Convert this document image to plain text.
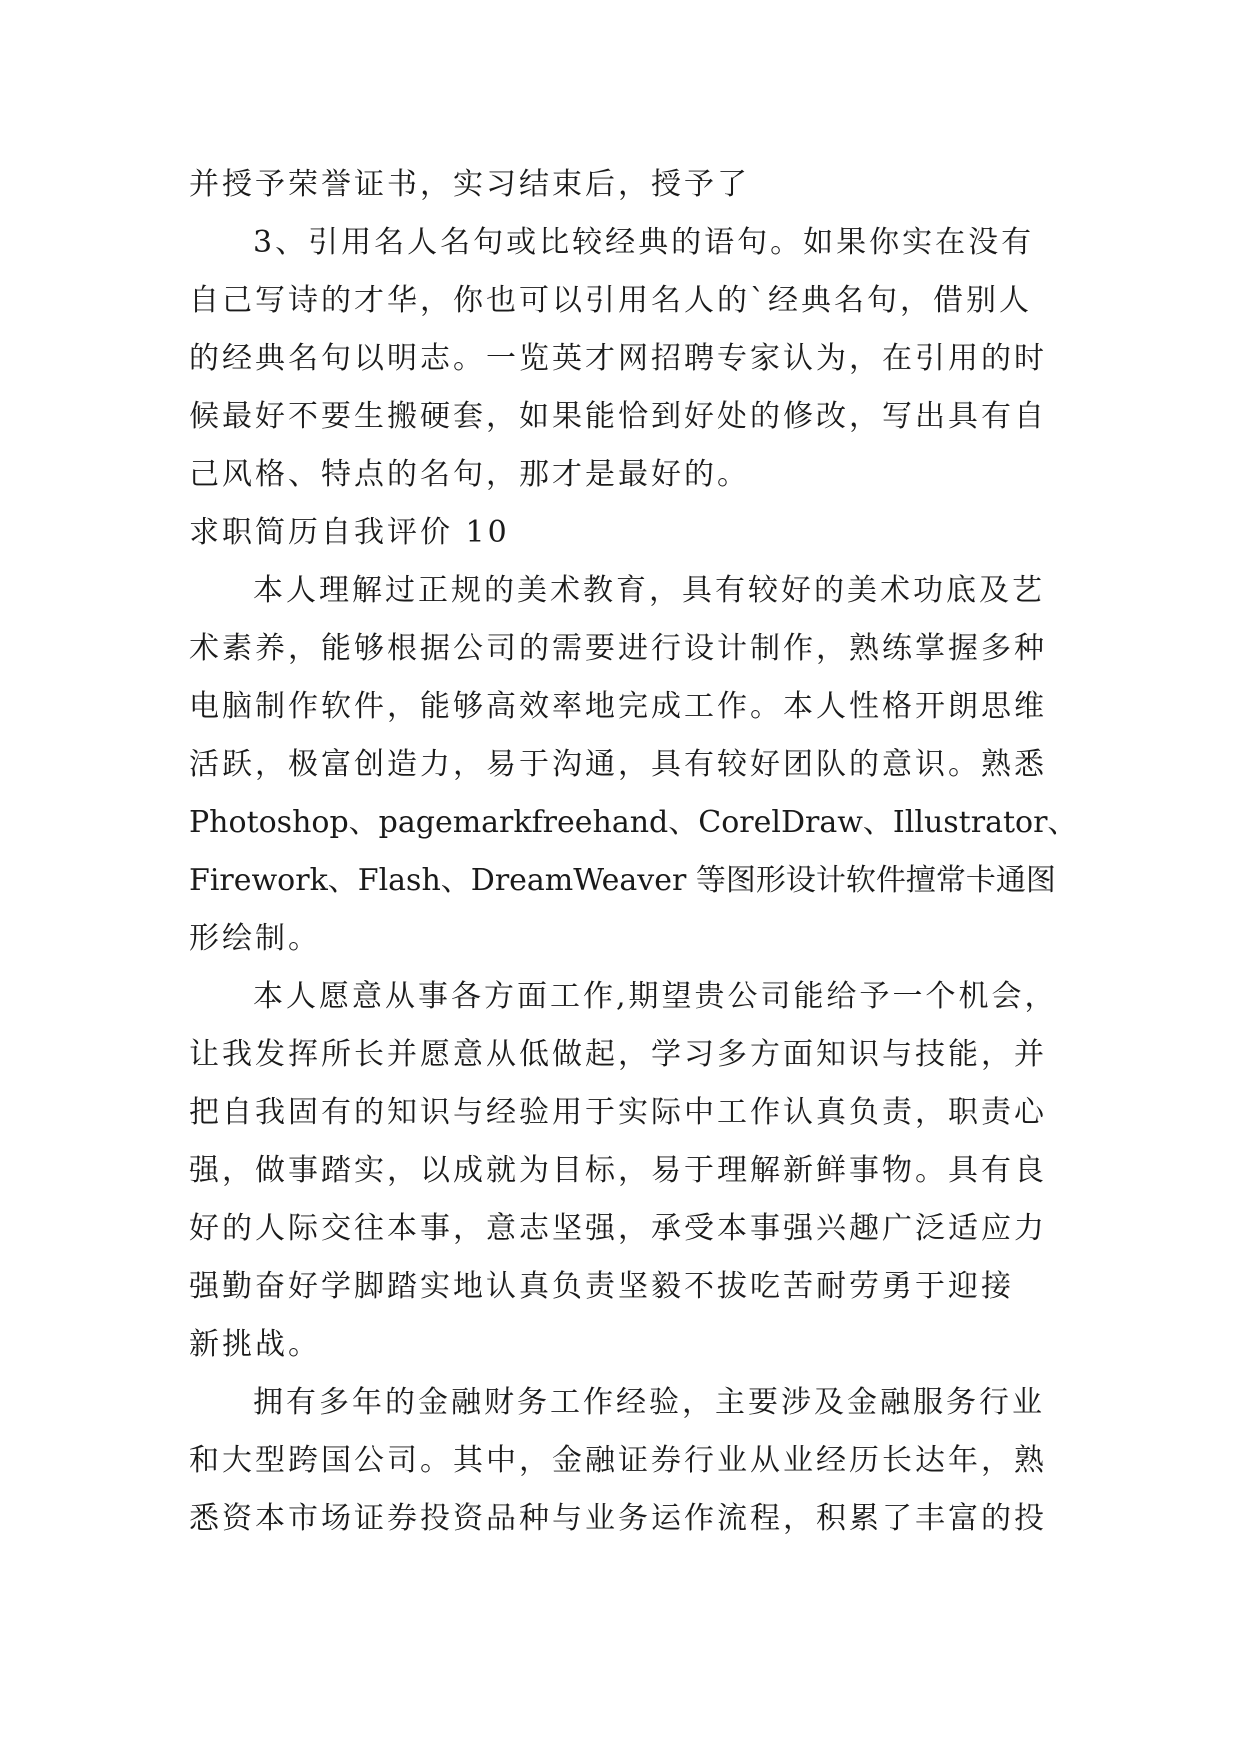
并授予荣誉证书，实习结束后，授予了
3、引用名人名句或比较经典的语句。如果你实在没有
自己写诗的才华，你也可以引用名人的`经典名句，借别人
的经典名句以明志。一览英才网招聘专家认为，在引用的时
候最好不要生搬硬套，如果能恰到好处的修改，写出具有自
己风格、特点的名句，那才是最好的。
求职简历自我评价 10
本人理解过正规的美术教育，具有较好的美术功底及艺
术素养，能够根据公司的需要进行设计制作，熟练掌握多种
电脑制作软件，能够高效率地完成工作。本人性格开朗思维
活跃，极富创造力，易于沟通，具有较好团队的意识。熟悉
Photoshop、pagemarkfreehand、CorelDraw、Illustrator、
Firework、Flash、DreamWeaver 等图形设计软件擅常卡通图
形绘制。
本人愿意从事各方面工作,期望贵公司能给予一个机会，
让我发挥所长并愿意从低做起，学习多方面知识与技能，并
把自我固有的知识与经验用于实际中工作认真负责，职责心
强，做事踏实，以成就为目标，易于理解新鲜事物。具有良
好的人际交往本事，意志坚强，承受本事强兴趣广泛适应力
强勤奋好学脚踏实地认真负责坚毅不拔吃苦耐劳勇于迎接
新挑战。
拥有多年的金融财务工作经验，主要涉及金融服务行业
和大型跨国公司。其中，金融证券行业从业经历长达年，熟
悉资本市场证券投资品种与业务运作流程，积累了丰富的投
